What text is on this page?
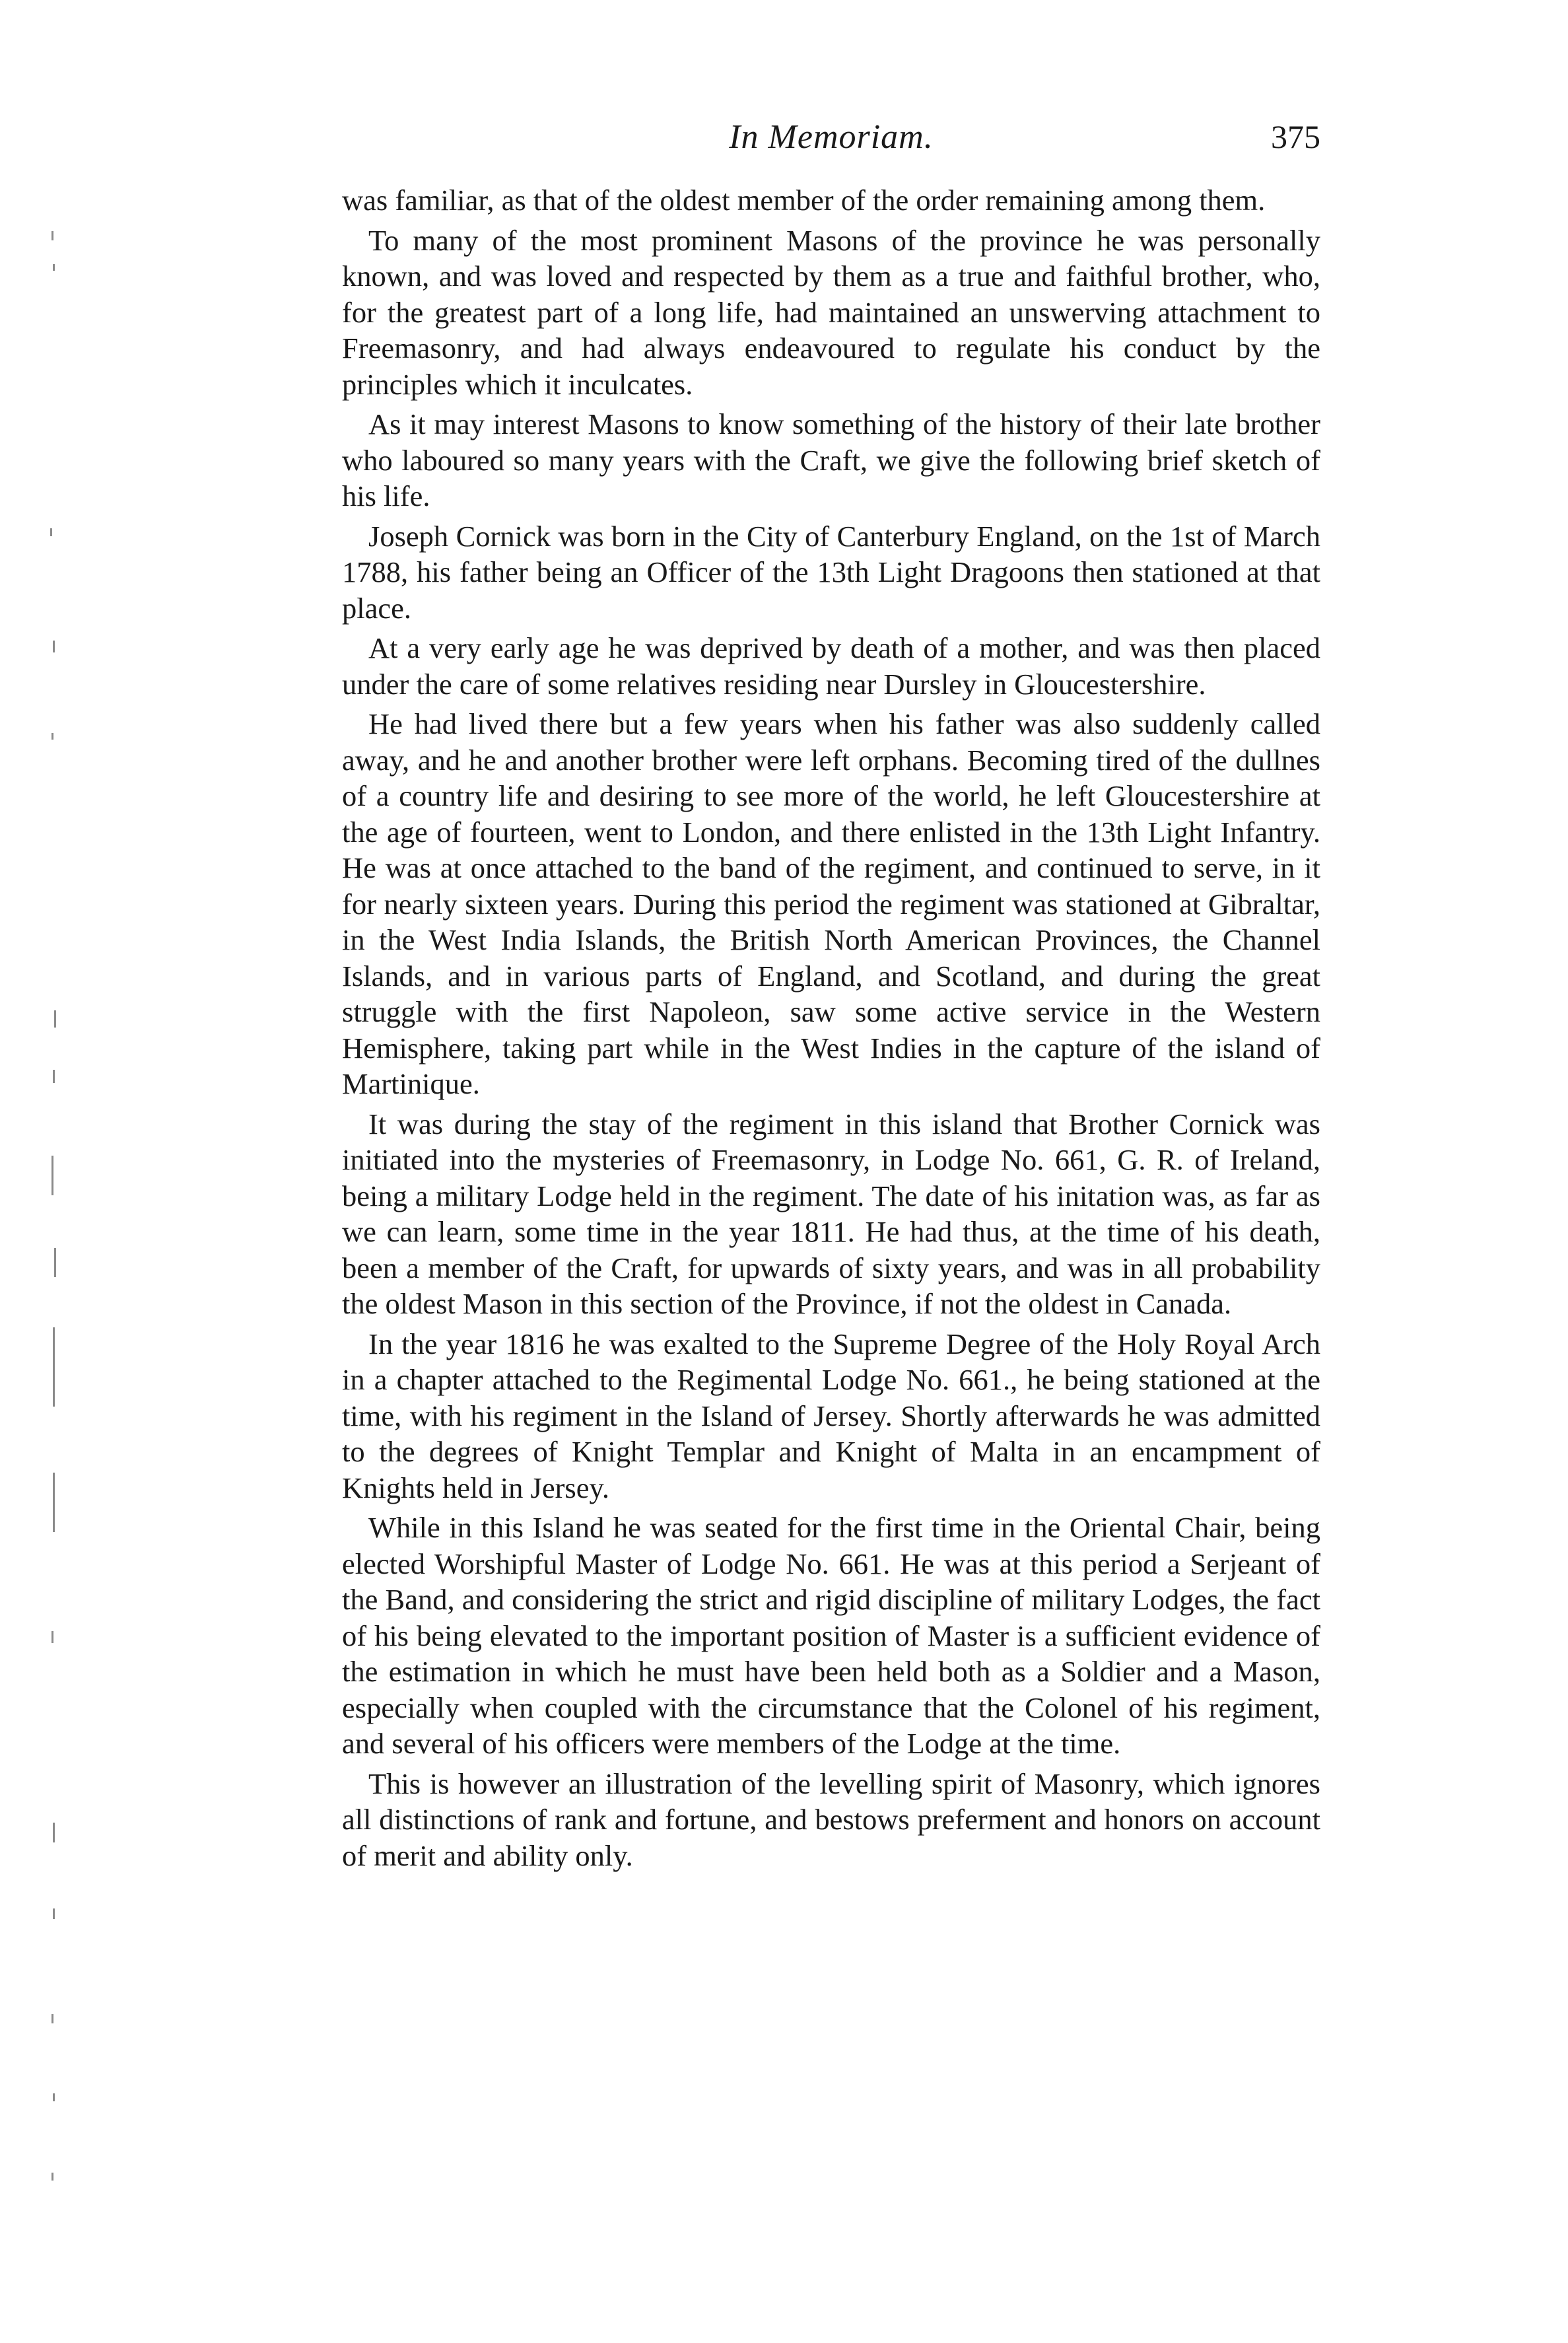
In Memoriam.	375

was familiar, as that of the oldest member of the order remaining among them.

To many of the most prominent Masons of the province he was personally known, and was loved and respected by them as a true and faithful brother, who, for the greatest part of a long life, had maintained an unswerving attachment to Freemasonry, and had always endeavoured to regulate his conduct by the principles which it inculcates.

As it may interest Masons to know something of the history of their late brother who laboured so many years with the Craft, we give the following brief sketch of his life.

Joseph Cornick was born in the City of Canterbury England, on the 1st of March 1788, his father being an Officer of the 13th Light Dragoons then stationed at that place.

At a very early age he was deprived by death of a mother, and was then placed under the care of some relatives residing near Dursley in Gloucestershire.

He had lived there but a few years when his father was also suddenly called away, and he and another brother were left orphans. Becoming tired of the dullnes of a country life and desiring to see more of the world, he left Gloucestershire at the age of fourteen, went to London, and there enlisted in the 13th Light Infantry. He was at once attached to the band of the regiment, and continued to serve, in it for nearly sixteen years. During this period the regiment was stationed at Gibraltar, in the West India Islands, the British North American Provinces, the Channel Islands, and in various parts of England, and Scotland, and during the great struggle with the first Napoleon, saw some active service in the Western Hemisphere, taking part while in the West Indies in the capture of the island of Martinique.

It was during the stay of the regiment in this island that Brother Cornick was initiated into the mysteries of Freemasonry, in Lodge No. 661, G. R. of Ireland, being a military Lodge held in the regiment. The date of his initation was, as far as we can learn, some time in the year 1811. He had thus, at the time of his death, been a member of the Craft, for upwards of sixty years, and was in all probability the oldest Mason in this section of the Province, if not the oldest in Canada.

In the year 1816 he was exalted to the Supreme Degree of the Holy Royal Arch in a chapter attached to the Regimental Lodge No. 661., he being stationed at the time, with his regiment in the Island of Jersey. Shortly afterwards he was admitted to the degrees of Knight Templar and Knight of Malta in an encampment of Knights held in Jersey.

While in this Island he was seated for the first time in the Oriental Chair, being elected Worshipful Master of Lodge No. 661. He was at this period a Serjeant of the Band, and considering the strict and rigid discipline of military Lodges, the fact of his being elevated to the important position of Master is a sufficient evidence of the estimation in which he must have been held both as a Soldier and a Mason, especially when coupled with the circumstance that the Colonel of his regiment, and several of his officers were members of the Lodge at the time.

This is however an illustration of the levelling spirit of Masonry, which ignores all distinctions of rank and fortune, and bestows preferment and honors on account of merit and ability only.
